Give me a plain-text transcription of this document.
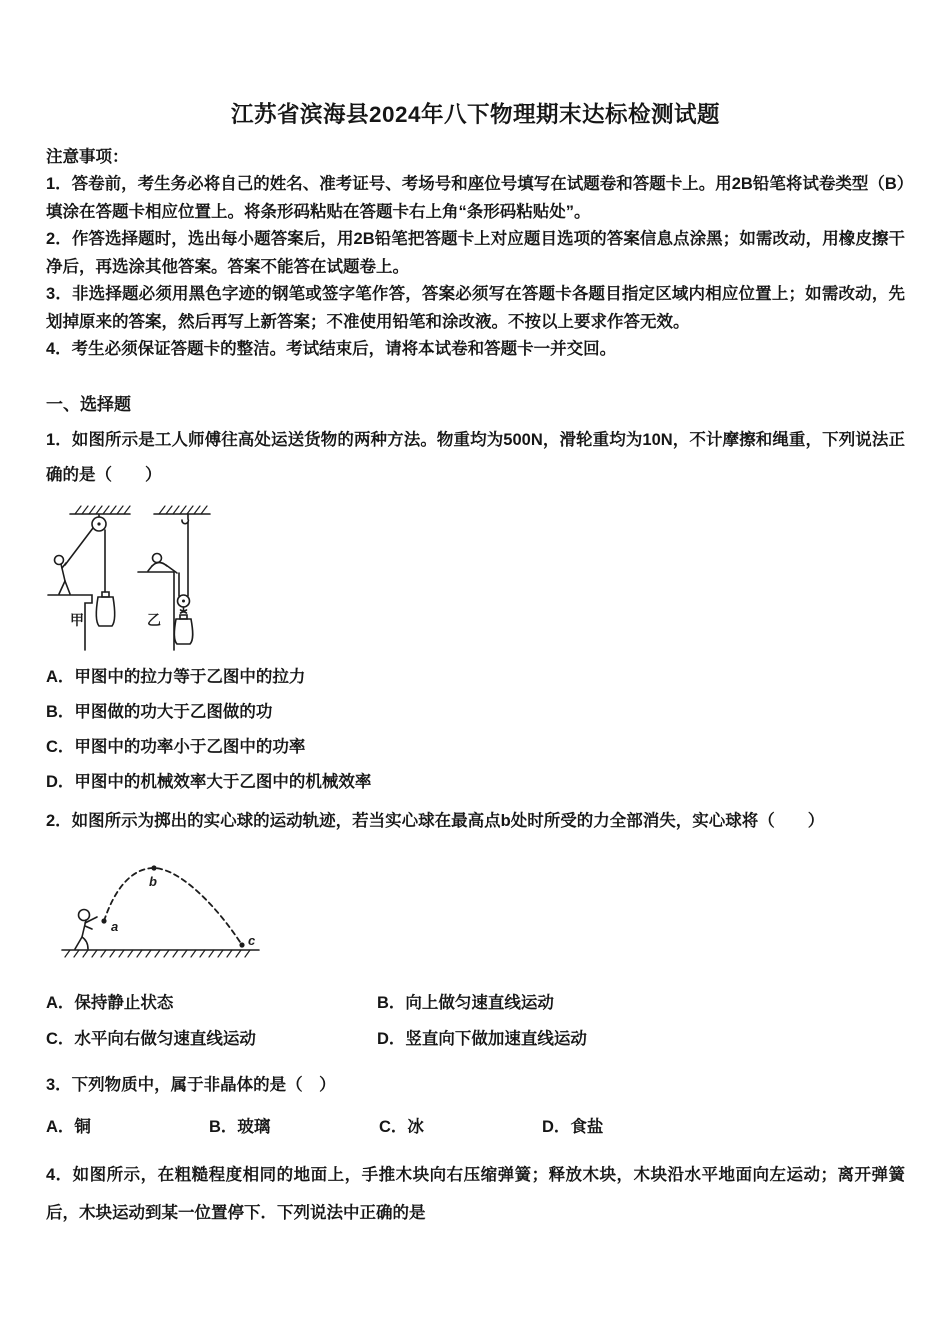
江苏省滨海县2024年八下物理期末达标检测试题
注意事项：

1．答卷前，考生务必将自己的姓名、准考证号、考场号和座位号填写在试题卷和答题卡上。用2B铅笔将试卷类型（B）填涂在答题卡相应位置上。将条形码粘贴在答题卡右上角“条形码粘贴处”。

2．作答选择题时，选出每小题答案后，用2B铅笔把答题卡上对应题目选项的答案信息点涂黑；如需改动，用橡皮擦干净后，再选涂其他答案。答案不能答在试题卷上。

3．非选择题必须用黑色字迹的钢笔或签字笔作答，答案必须写在答题卡各题目指定区域内相应位置上；如需改动，先划掉原来的答案，然后再写上新答案；不准使用铅笔和涂改液。不按以上要求作答无效。

4．考生必须保证答题卡的整洁。考试结束后，请将本试卷和答题卡一并交回。

一、选择题

1．如图所示是工人师傅往高处运送货物的两种方法。物重均为500N，滑轮重均为10N，不计摩擦和绳重，下列说法正确的是（　　）

甲	乙
A．甲图中的拉力等于乙图中的拉力
B．甲图做的功大于乙图做的功
C．甲图中的功率小于乙图中的功率
D．甲图中的机械效率大于乙图中的机械效率

2．如图所示为掷出的实心球的运动轨迹，若当实心球在最高点b处时所受的力全部消失，实心球将（　　）

a
b
c
A．保持静止状态	B．向上做匀速直线运动
C．水平向右做匀速直线运动	D．竖直向下做加速直线运动

3．下列物质中，属于非晶体的是（　）

A．铜	B．玻璃	C．冰	D．食盐

4．如图所示，在粗糙程度相同的地面上，手推木块向右压缩弹簧；释放木块，木块沿水平地面向左运动；离开弹簧后，木块运动到某一位置停下．下列说法中正确的是
